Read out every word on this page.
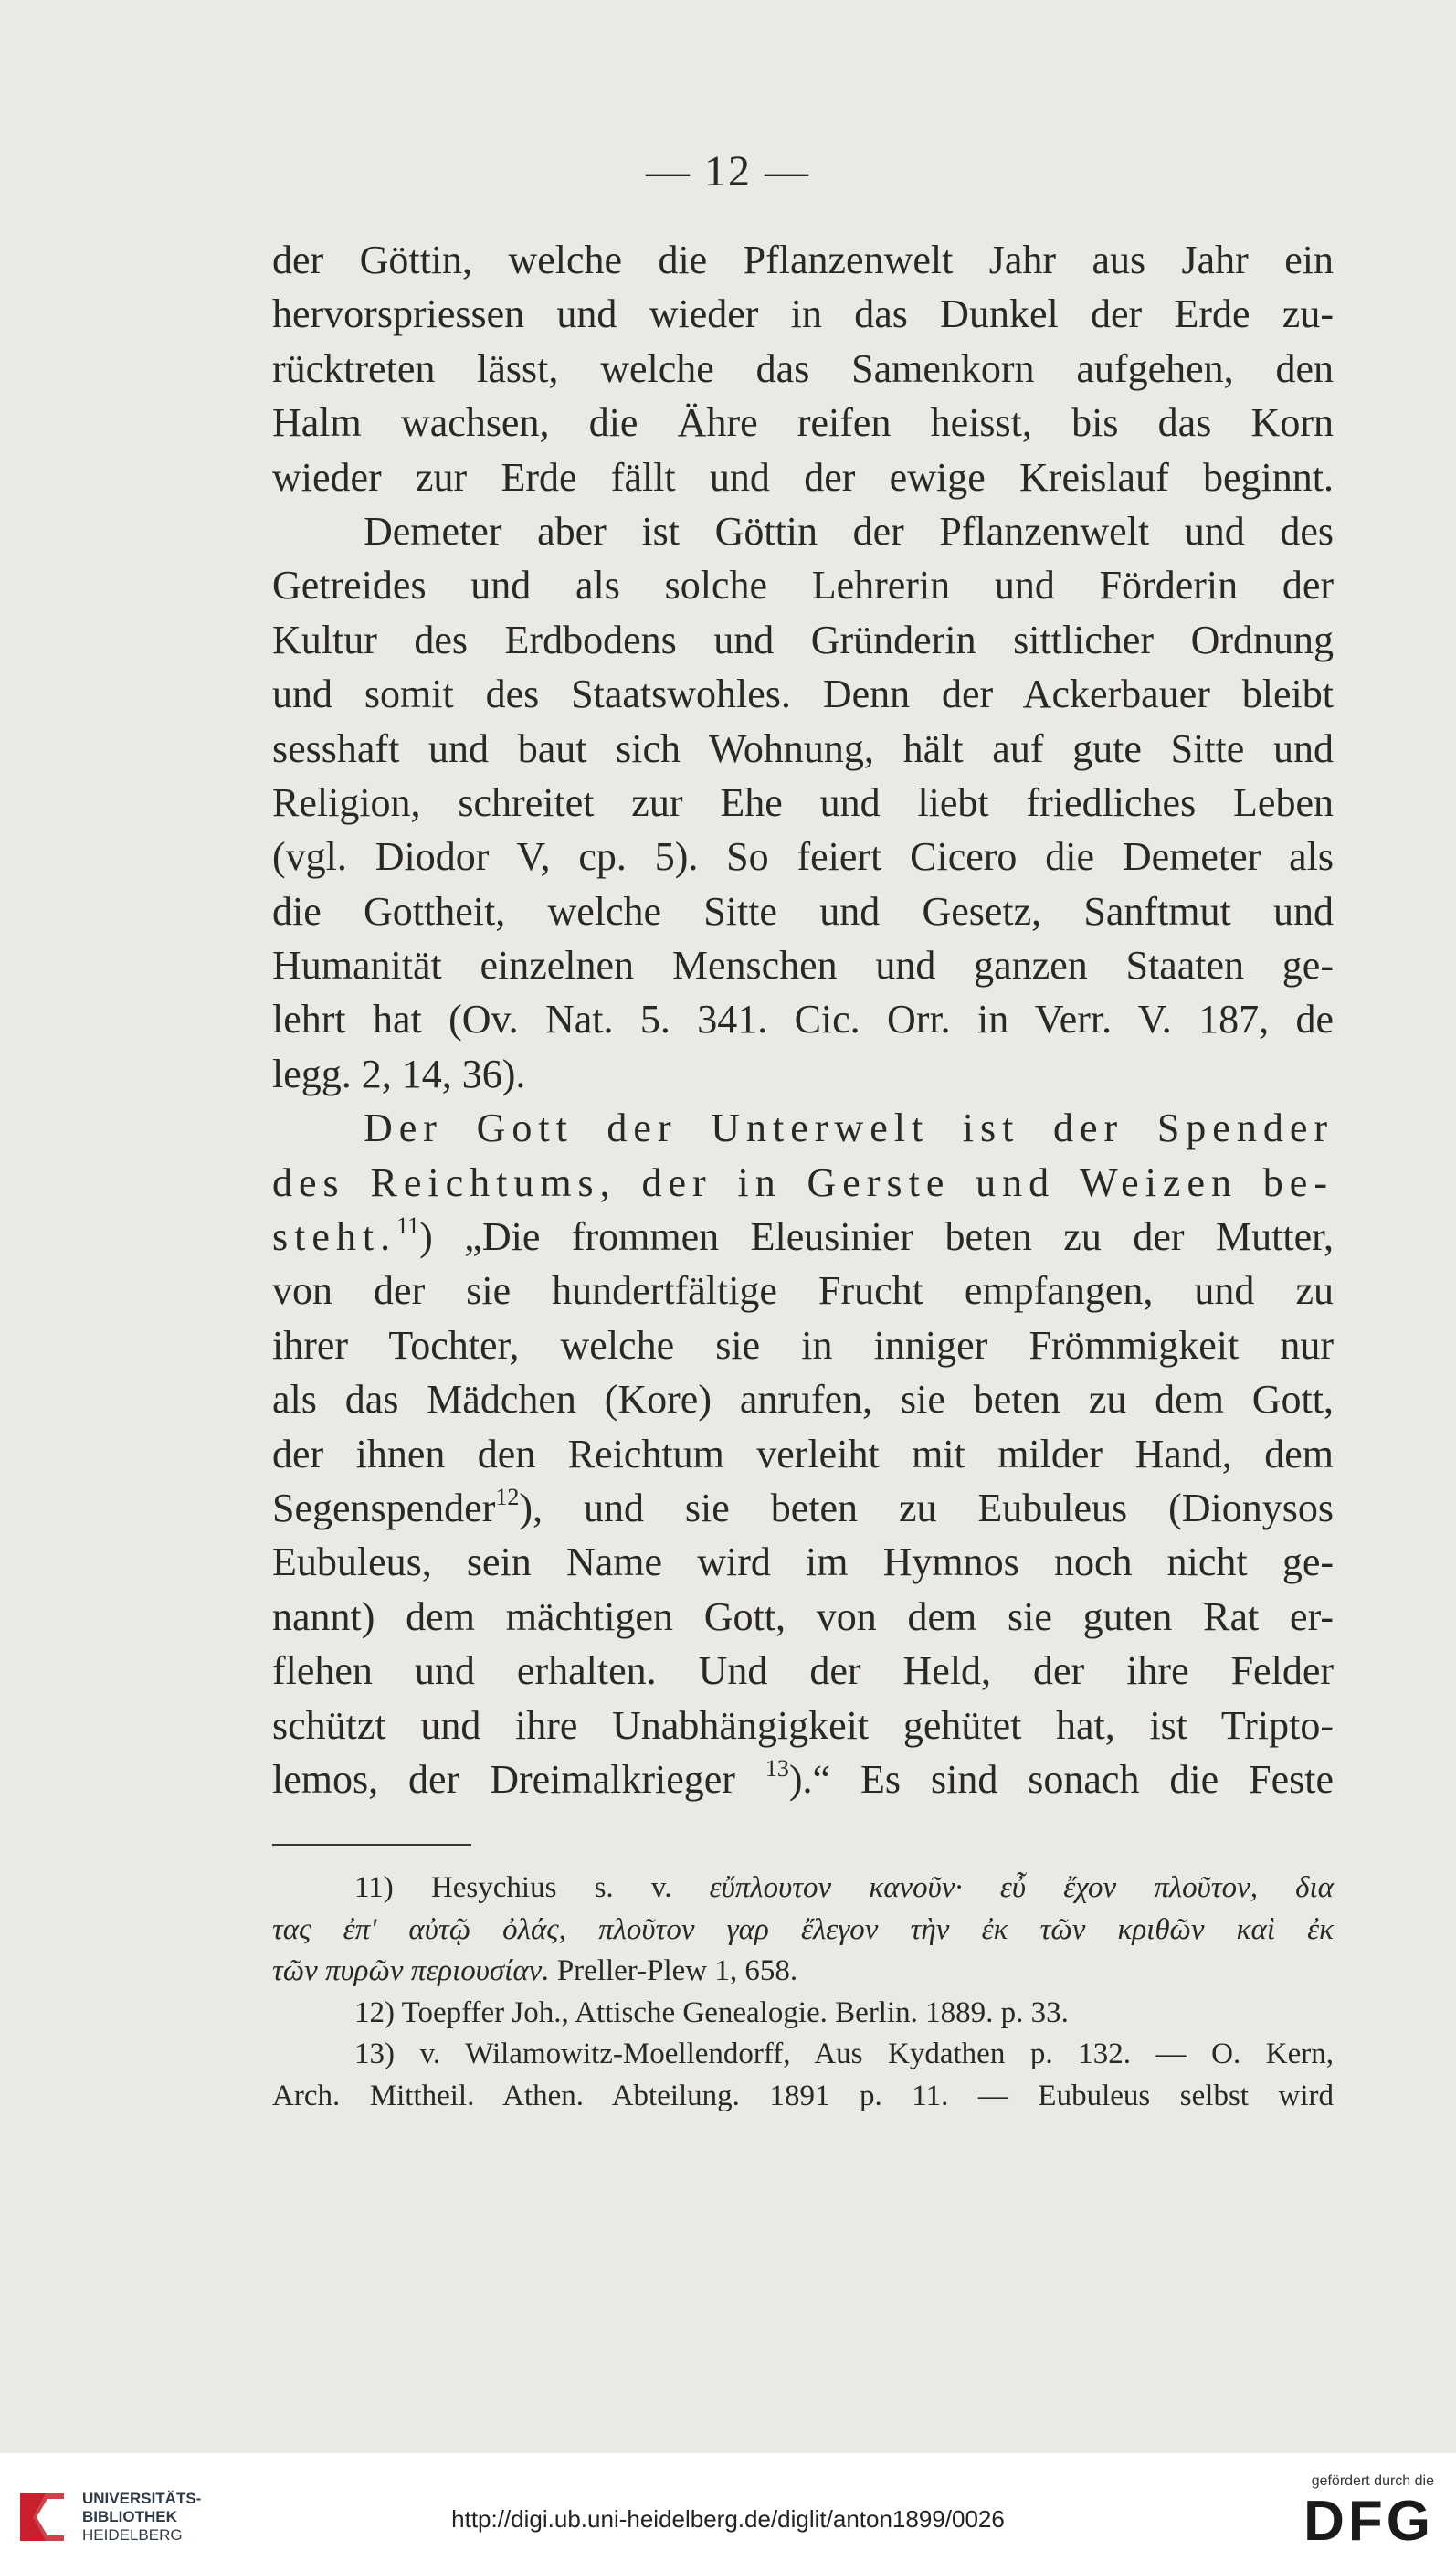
— 12 —
der Göttin, welche die Pflanzenwelt Jahr aus Jahr ein
hervorspriessen und wieder in das Dunkel der Erde zu-
rücktreten lässt, welche das Samenkorn aufgehen, den
Halm wachsen, die Ähre reifen heisst, bis das Korn
wieder zur Erde fällt und der ewige Kreislauf beginnt.
Demeter aber ist Göttin der Pflanzenwelt und des
Getreides und als solche Lehrerin und Förderin der
Kultur des Erdbodens und Gründerin sittlicher Ordnung
und somit des Staatswohles. Denn der Ackerbauer bleibt
sesshaft und baut sich Wohnung, hält auf gute Sitte und
Religion, schreitet zur Ehe und liebt friedliches Leben
(vgl. Diodor V, cp. 5). So feiert Cicero die Demeter als
die Gottheit, welche Sitte und Gesetz, Sanftmut und
Humanität einzelnen Menschen und ganzen Staaten ge-
lehrt hat (Ov. Nat. 5. 341. Cic. Orr. in Verr. V. 187, de
legg. 2, 14, 36).
Der Gott der Unterwelt ist der Spender
des Reichtums, der in Gerste und Weizen be-
steht.$^{11}$) „Die frommen Eleusinier beten zu der Mutter,
von der sie hundertfältige Frucht empfangen, und zu
ihrer Tochter, welche sie in inniger Frömmigkeit nur
als das Mädchen (Kore) anrufen, sie beten zu dem Gott,
der ihnen den Reichtum verleiht mit milder Hand, dem
Segenspender$^{12}$), und sie beten zu Eubuleus (Dionysos
Eubuleus, sein Name wird im Hymnos noch nicht ge-
nannt) dem mächtigen Gott, von dem sie guten Rat er-
flehen und erhalten. Und der Held, der ihre Felder
schützt und ihre Unabhängigkeit gehütet hat, ist Tripto-
lemos, der Dreimalkrieger $^{13}$).“ Es sind sonach die Feste
11) Hesychius s. v. εὔπλουτον κανοῦν· εὖ ἔχον πλοῦτον, δια
τας ἐπ' αὐτῷ ὀλάς, πλοῦτον γαρ ἔλεγον τὴν ἐκ τῶν κριθῶν καὶ ἐκ
τῶν πυρῶν περιουσίαν. Preller-Plew 1, 658.
12) Toepffer Joh., Attische Genealogie. Berlin. 1889. p. 33.
13) v. Wilamowitz-Moellendorff, Aus Kydathen p. 132. — O. Kern,
Arch. Mittheil. Athen. Abteilung. 1891 p. 11. — Eubuleus selbst wird
UNIVERSITÄTS-
BIBLIOTHEK
HEIDELBERG
http://digi.ub.uni-heidelberg.de/diglit/anton1899/0026
gefördert durch die
DFG
